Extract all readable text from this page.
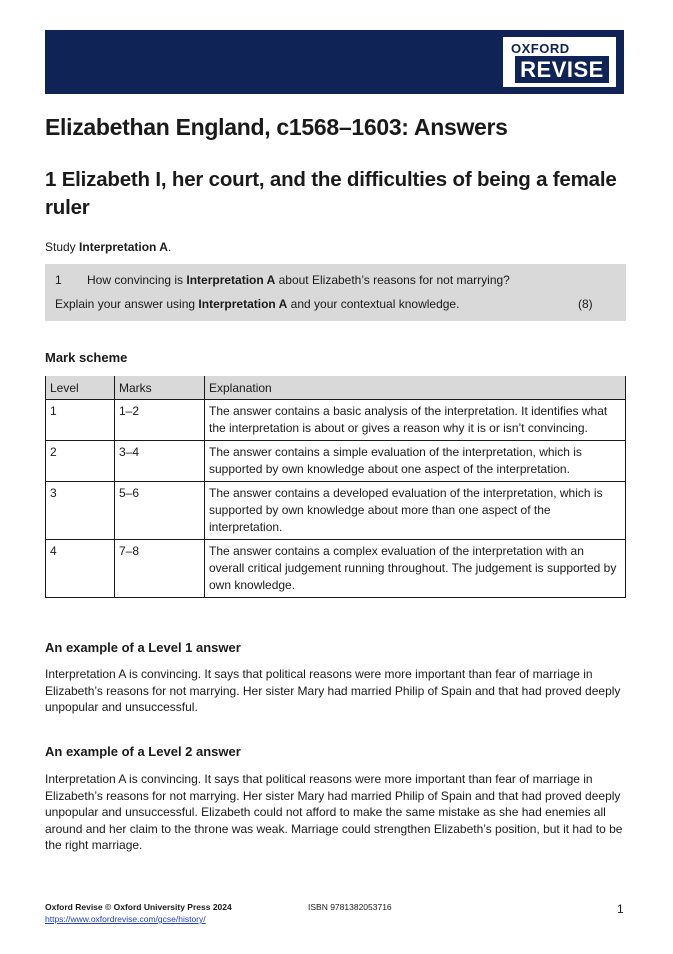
OXFORD
REVISE
Elizabethan England, c1568–1603: Answers
1 Elizabeth I, her court, and the difficulties of being a female ruler
Study Interpretation A.
1 How convincing is Interpretation A about Elizabeth’s reasons for not marrying?
Explain your answer using Interpretation A and your contextual knowledge.	(8)
Mark scheme
Level	Marks	Explanation
1	1–2	The answer contains a basic analysis of the interpretation. It identifies what the interpretation is about or gives a reason why it is or isn’t convincing.
2	3–4	The answer contains a simple evaluation of the interpretation, which is supported by own knowledge about one aspect of the interpretation.
3	5–6	The answer contains a developed evaluation of the interpretation, which is supported by own knowledge about more than one aspect of the interpretation.
4	7–8	The answer contains a complex evaluation of the interpretation with an overall critical judgement running throughout. The judgement is supported by own knowledge.
An example of a Level 1 answer
Interpretation A is convincing. It says that political reasons were more important than fear of marriage in Elizabeth’s reasons for not marrying. Her sister Mary had married Philip of Spain and that had proved deeply unpopular and unsuccessful.
An example of a Level 2 answer
Interpretation A is convincing. It says that political reasons were more important than fear of marriage in Elizabeth’s reasons for not marrying. Her sister Mary had married Philip of Spain and that had proved deeply unpopular and unsuccessful. Elizabeth could not afford to make the same mistake as she had enemies all around and her claim to the throne was weak. Marriage could strengthen Elizabeth’s position, but it had to be the right marriage.
Oxford Revise © Oxford University Press 2024	ISBN 9781382053716
https://www.oxfordrevise.com/gcse/history/
1
